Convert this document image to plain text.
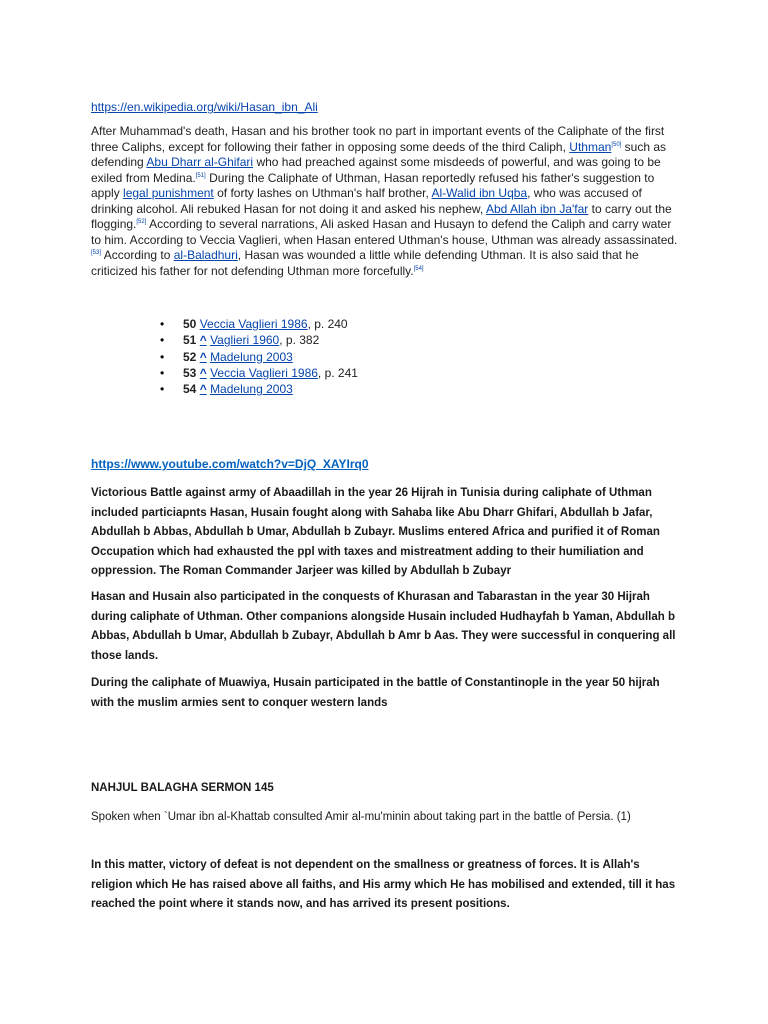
https://en.wikipedia.org/wiki/Hasan_ibn_Ali
After Muhammad's death, Hasan and his brother took no part in important events of the Caliphate of the first three Caliphs, except for following their father in opposing some deeds of the third Caliph, Uthman[50] such as defending Abu Dharr al-Ghifari who had preached against some misdeeds of powerful, and was going to be exiled from Medina.[51] During the Caliphate of Uthman, Hasan reportedly refused his father's suggestion to apply legal punishment of forty lashes on Uthman's half brother, Al-Walid ibn Uqba, who was accused of drinking alcohol. Ali rebuked Hasan for not doing it and asked his nephew, Abd Allah ibn Ja'far to carry out the flogging.[52] According to several narrations, Ali asked Hasan and Husayn to defend the Caliph and carry water to him. According to Veccia Vaglieri, when Hasan entered Uthman's house, Uthman was already assassinated.[53] According to al-Baladhuri, Hasan was wounded a little while defending Uthman. It is also said that he criticized his father for not defending Uthman more forcefully.[54]
• 50 Veccia Vaglieri 1986, p. 240
• 51 ^ Vaglieri 1960, p. 382
• 52 ^ Madelung 2003
• 53 ^ Veccia Vaglieri 1986, p. 241
• 54 ^ Madelung 2003
https://www.youtube.com/watch?v=DjQ_XAYIrq0

Victorious Battle against army of Abaadillah in the year 26 Hijrah in Tunisia during caliphate of Uthman included particiapnts Hasan, Husain fought along with Sahaba like Abu Dharr Ghifari, Abdullah b Jafar, Abdullah b Abbas, Abdullah b Umar, Abdullah b Zubayr. Muslims entered Africa and purified it of Roman Occupation which had exhausted the ppl with taxes and mistreatment adding to their humiliation and oppression. The Roman Commander Jarjeer was killed by Abdullah b Zubayr

Hasan and Husain also participated in the conquests of Khurasan and Tabarastan in the year 30 Hijrah during caliphate of Uthman. Other companions alongside Husain included Hudhayfah b Yaman, Abdullah b Abbas, Abdullah b Umar, Abdullah b Zubayr, Abdullah b Amr b Aas. They were successful in conquering all those lands.

During the caliphate of Muawiya, Husain participated in the battle of Constantinople in the year 50 hijrah with the muslim armies sent to conquer western lands

NAHJUL BALAGHA SERMON 145

Spoken when `Umar ibn al-Khattab consulted Amir al-mu'minin about taking part in the battle of Persia. (1)

In this matter, victory of defeat is not dependent on the smallness or greatness of forces. It is Allah's religion which He has raised above all faiths, and His army which He has mobilised and extended, till it has reached the point where it stands now, and has arrived its present positions.
